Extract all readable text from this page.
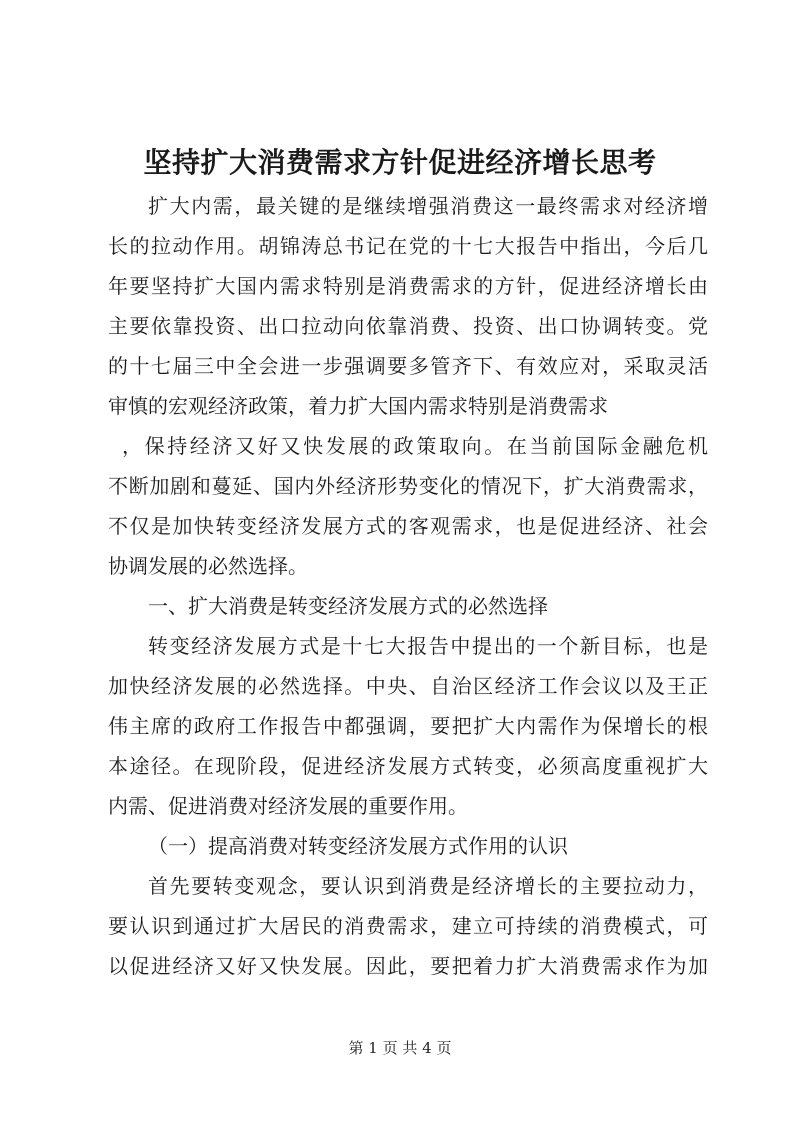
坚持扩大消费需求方针促进经济增长思考

扩大内需，最关键的是继续增强消费这一最终需求对经济增

长的拉动作用。胡锦涛总书记在党的十七大报告中指出，今后几

年要坚持扩大国内需求特别是消费需求的方针，促进经济增长由

主要依靠投资、出口拉动向依靠消费、投资、出口协调转变。党

的十七届三中全会进一步强调要多管齐下、有效应对，采取灵活

审慎的宏观经济政策，着力扩大国内需求特别是消费需求

，保持经济又好又快发展的政策取向。在当前国际金融危机

不断加剧和蔓延、国内外经济形势变化的情况下，扩大消费需求，

不仅是加快转变经济发展方式的客观需求，也是促进经济、社会

协调发展的必然选择。

一、扩大消费是转变经济发展方式的必然选择

转变经济发展方式是十七大报告中提出的一个新目标，也是

加快经济发展的必然选择。中央、自治区经济工作会议以及王正

伟主席的政府工作报告中都强调，要把扩大内需作为保增长的根

本途径。在现阶段，促进经济发展方式转变，必须高度重视扩大

内需、促进消费对经济发展的重要作用。

（一）提高消费对转变经济发展方式作用的认识

首先要转变观念，要认识到消费是经济增长的主要拉动力，

要认识到通过扩大居民的消费需求，建立可持续的消费模式，可

以促进经济又好又快发展。因此，要把着力扩大消费需求作为加

第 1 页 共 4 页
